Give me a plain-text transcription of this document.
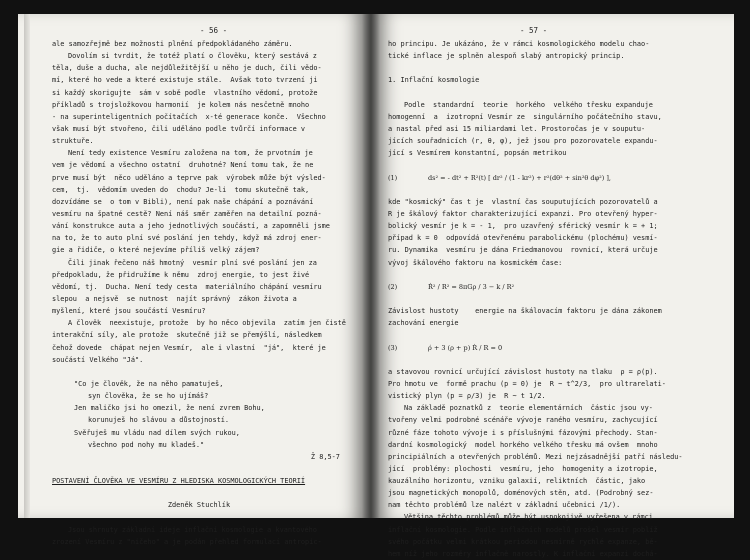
- 56 -
ale samozřejmě bez možnosti plnění předpokládaného záměru.
Dovolím si tvrdit, že totéž platí o člověku, který sestává z
těla, duše a ducha, ale nejdůležitější u něho je duch, čili vědo-
mí, které ho vede a které existuje stále.  Avšak toto tvrzení ji
si každý skorigujte  sám v sobě podle  vlastního vědomí, protože
příkladů s trojsložkovou harmonií  je kolem nás nesčetně mnoho
- na superinteligentních počítačích  x-té generace konče.  Všechno
však musí být stvořeno, čili uděláno podle tvůrčí informace v
struktuře.
Není tedy existence Vesmíru založena na tom, že prvotním je
vem je vědomí a všechno ostatní  druhotné? Není tomu tak, že ne
prve musí být  něco uděláno a teprve pak  výrobek může být výsled-
cem,  tj.  vědomím uveden do  chodu? Je-li  tomu skutečně tak,
dozvídáme se  o tom v Bibli), není pak naše chápání a poznávání
vesmíru na špatné cestě? Není náš směr zaměřen na detailní pozná-
vání konstrukce auta a jeho jednotlivých součástí, a zapomněli jsme
na to, že to auto plní své poslání jen tehdy, když má zdroj ener-
gie a řidiče, o které nejevíme příliš velký zájem?
Čili jinak řečeno náš hmotný  vesmír plní své poslání jen za
předpokladu, že přidružíme k němu  zdroj energie, to jest živé
vědomí, tj.  Ducha. Není tedy cesta  materiálního chápání vesmíru
slepou  a nejsvě  se nutnost  najít správný  zákon života a
myšlení, které jsou součástí Vesmíru?
A člověk  neexistuje, protože  by ho něco objevila  zatím jen čistě
interakční síly, ale protože  skutečně již se přemýšlí, následkem
čehož dovede  chápat nejen Vesmír,  ale i vlastní  "já",  které je
součástí Velkého "Já".
"Co je člověk, že na něho pamatuješ,
syn člověka, že se ho ujímáš?
Jen maličko jsi ho omezil, že není zvrem Bohu,
korunuješ ho slávou a důstojností.
Svěřuješ mu vládu nad dílem svých rukou,
všechno pod nohy mu kladeš."
Ž 8,5-7
POSTAVENÍ ČLOVĚKA VE VESMÍRU Z HLEDISKA KOSMOLOGICKÝCH TEORIÍ
Zdeněk Stuchlík
Jsou shrnuty základní ideje inflační kosmologie a kvantového
zrození Vesmíru z "ničeho" a je podán přehled formulací antropic-
- 57 -
ho principu. Je ukázáno, že v rámci kosmologického modelu chao-
tické inflace je splněn alespoň slabý antropický princip.
1. Inflační kosmologie
Podle  standardní  teorie  horkého  velkého třesku expanduje
homogenní  a  izotropní Vesmír ze  singulárního počátečního stavu,
a nastal před asi 15 miliardami let. Prostoročas je v souputu-
jících souřadnicích (r, θ, φ), jež jsou pro pozorovatele expandu-
jící s Vesmírem konstantní, popsán metrikou
(1)	ds² = - dt² + R²(t) [ dr² / (1 - kr²) + r²(dθ² + sin²θ dφ²) ],
kde "kosmický" čas t je  vlastní čas souputujících pozorovatelů a
R je škálový faktor charakterizující expanzi. Pro otevřený hyper-
bolický vesmír je k = - 1,  pro uzavřený sférický vesmír k = + 1;
případ k = 0  odpovídá otevřenému parabolickému (plochému) vesmí-
ru. Dynamika  vesmíru je dána Friedmanovou  rovnicí, která určuje
vývoj škálového faktoru na kosmickém čase:
(2)	Ṙ² / R² = 8πGρ / 3 − k / R²
Závislost hustoty    energie na škálovacím faktoru je dána zákonem
zachování energie
(3)	ρ̇ + 3 (ρ + p) Ṙ / R = 0
a stavovou rovnicí určující závislost hustoty na tlaku  ρ = ρ(p).
Pro hmotu ve  formě prachu (p = 0) je  R ~ t^2/3,  pro ultrarelati-
vistický plyn (p = ρ/3) je  R ~ t 1/2.
Na základě poznatků z  teorie elementárních  částic jsou vy-
tvořeny velmi podrobné scénáře vývoje raného vesmíru, zachycující
různé fáze tohoto vývoje i s příslušnými fázovými přechody. Stan-
dardní kosmologický  model horkého velkého třesku má ovšem  mnoho
principiálních a otevřených problémů. Mezi nejzásadnější patří následu-
jící  problémy: plochosti  vesmíru, jeho  homogenity a izotropie,
kauzálního horizontu, vzniku galaxií, reliktních  částic, jako
jsou magnetických monopolů, doménových stěn, atd. (Podrobný sez-
nam těchto problémů lze nalézt v základní učebnici /1/).
Většina těchto problémů může být uspokojivě vyřešena v rámci
inflační kosmologie. Podle inflačních modelů prošel vesmír poblíž
svého počátku velmi krátkou periodou nesmírně rychlé expanze, bě-
hem níž jeho rozměry inflačně narostly. K inflační expanzi dochá-
